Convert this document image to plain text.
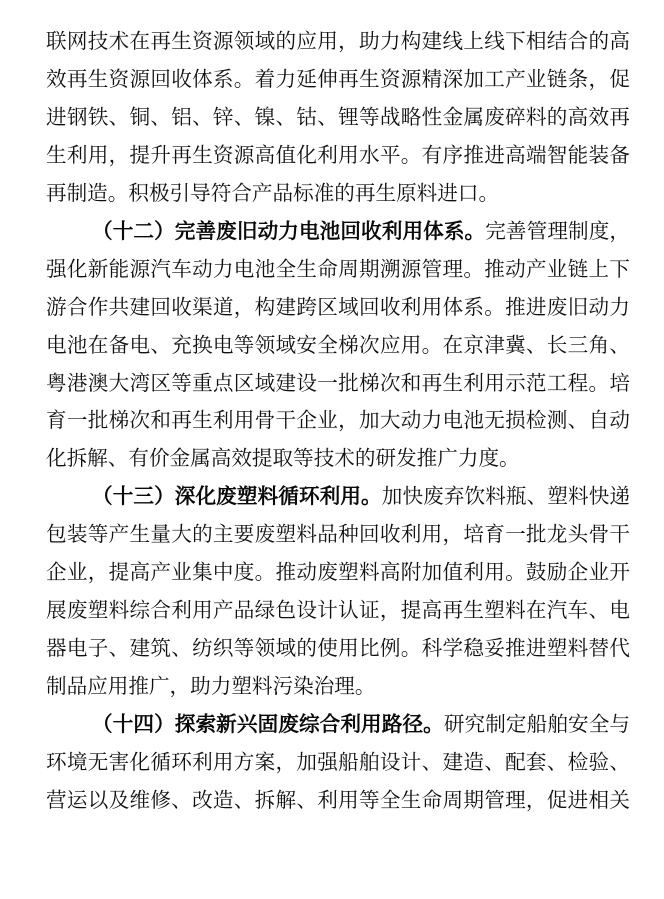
联网技术在再生资源领域的应用，助力构建线上线下相结合的高
效再生资源回收体系。着力延伸再生资源精深加工产业链条，促
进钢铁、铜、铝、锌、镍、钴、锂等战略性金属废碎料的高效再
生利用，提升再生资源高值化利用水平。有序推进高端智能装备
再制造。积极引导符合产品标准的再生原料进口。
（十二）完善废旧动力电池回收利用体系。完善管理制度，
强化新能源汽车动力电池全生命周期溯源管理。推动产业链上下
游合作共建回收渠道，构建跨区域回收利用体系。推进废旧动力
电池在备电、充换电等领域安全梯次应用。在京津冀、长三角、
粤港澳大湾区等重点区域建设一批梯次和再生利用示范工程。培
育一批梯次和再生利用骨干企业，加大动力电池无损检测、自动
化拆解、有价金属高效提取等技术的研发推广力度。
（十三）深化废塑料循环利用。加快废弃饮料瓶、塑料快递
包装等产生量大的主要废塑料品种回收利用，培育一批龙头骨干
企业，提高产业集中度。推动废塑料高附加值利用。鼓励企业开
展废塑料综合利用产品绿色设计认证，提高再生塑料在汽车、电
器电子、建筑、纺织等领域的使用比例。科学稳妥推进塑料替代
制品应用推广，助力塑料污染治理。
（十四）探索新兴固废综合利用路径。研究制定船舶安全与
环境无害化循环利用方案，加强船舶设计、建造、配套、检验、
营运以及维修、改造、拆解、利用等全生命周期管理，促进相关
